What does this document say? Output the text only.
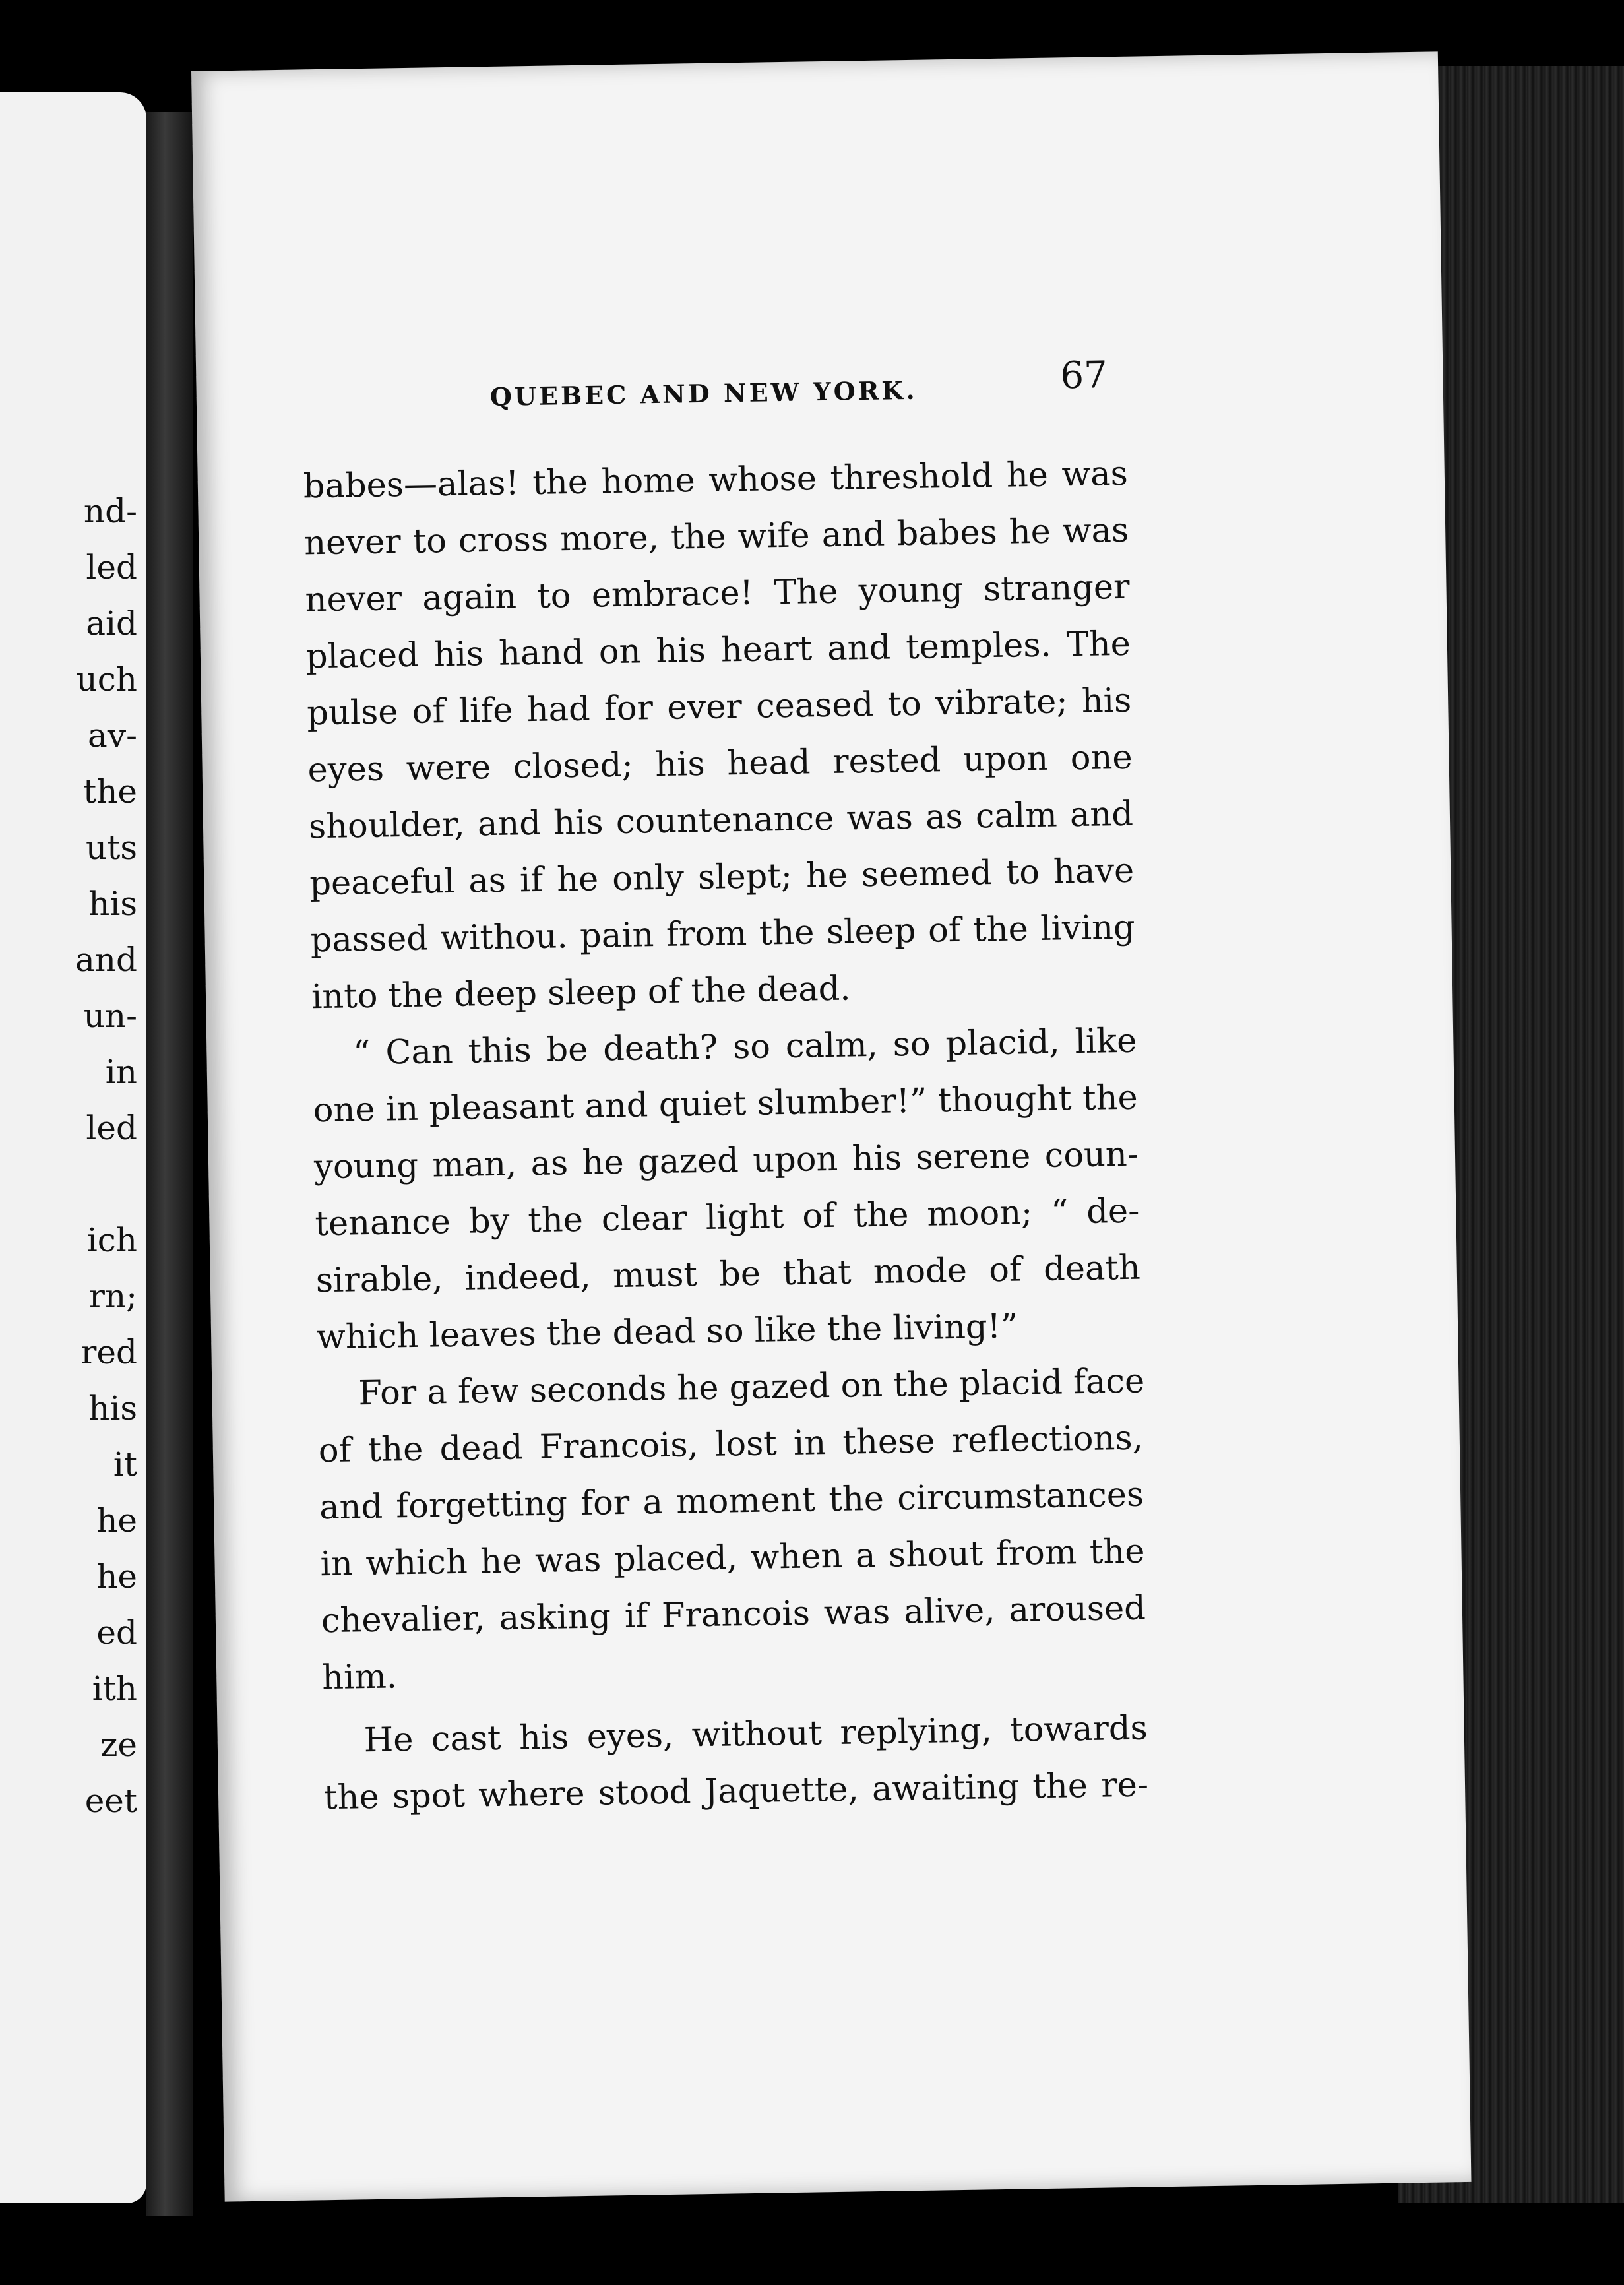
nd-
led
aid
uch
av-
the
uts
his
and
un-
in
led
ich
rn;
red
his
it
he
he
ed
ith
ze
eet
QUEBEC AND NEW YORK.	67
babes—alas! the home whose threshold he was
never to cross more, the wife and babes he was
never again to embrace! The young stranger
placed his hand on his heart and temples. The
pulse of life had for ever ceased to vibrate; his
eyes were closed; his head rested upon one
shoulder, and his countenance was as calm and
peaceful as if he only slept; he seemed to have
passed withou. pain from the sleep of the living
into the deep sleep of the dead.
“ Can this be death? so calm, so placid, like
one in pleasant and quiet slumber!” thought the
young man, as he gazed upon his serene coun-
tenance by the clear light of the moon; “ de-
sirable, indeed, must be that mode of death
which leaves the dead so like the living!”
For a few seconds he gazed on the placid face
of the dead Francois, lost in these reflections,
and forgetting for a moment the circumstances
in which he was placed, when a shout from the
chevalier, asking if Francois was alive, aroused
him.
He cast his eyes, without replying, towards
the spot where stood Jaquette, awaiting the re-
